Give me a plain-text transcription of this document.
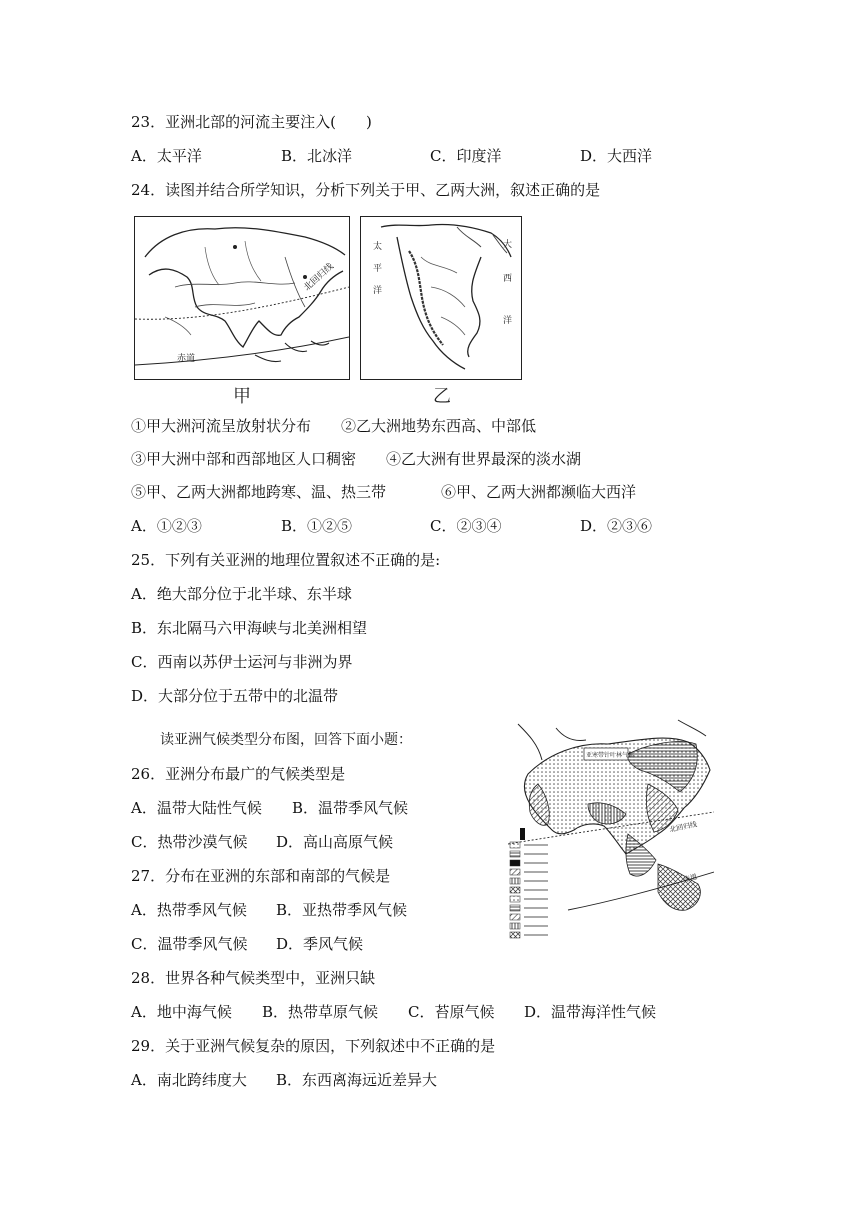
23．亚洲北部的河流主要注入(　　)
A．太平洋	B．北冰洋	C．印度洋	D．大西洋
24．读图并结合所学知识，分析下列关于甲、乙两大洲，叙述正确的是
北回归线
赤道
甲
太
平
洋
大
西
洋
乙
①甲大洲河流呈放射状分布 ②乙大洲地势东西高、中部低
③甲大洲中部和西部地区人口稠密 ④乙大洲有世界最深的淡水湖
⑤甲、乙两大洲都地跨寒、温、热三带	⑥甲、乙两大洲都濒临大西洋
A．①②③	B．①②⑤	C．②③④	D．②③⑥
25．下列有关亚洲的地理位置叙述不正确的是:
A．绝大部分位于北半球、东半球
B．东北隔马六甲海峡与北美洲相望
C．西南以苏伊士运河与非洲为界
D．大部分位于五带中的北温带
读亚洲气候类型分布图，回答下面小题：
亚寒带针叶林气候
北回归线
赤道
26．亚洲分布最广的气候类型是
A．温带大陆性气候 B．温带季风气候
C．热带沙漠气候 D．高山高原气候
27．分布在亚洲的东部和南部的气候是
A．热带季风气候 B．亚热带季风气候
C．温带季风气候 D．季风气候
28．世界各种气候类型中，亚洲只缺
A．地中海气候 B．热带草原气候 C．苔原气候 D．温带海洋性气候
29．关于亚洲气候复杂的原因，下列叙述中不正确的是
A．南北跨纬度大 B．东西离海远近差异大
